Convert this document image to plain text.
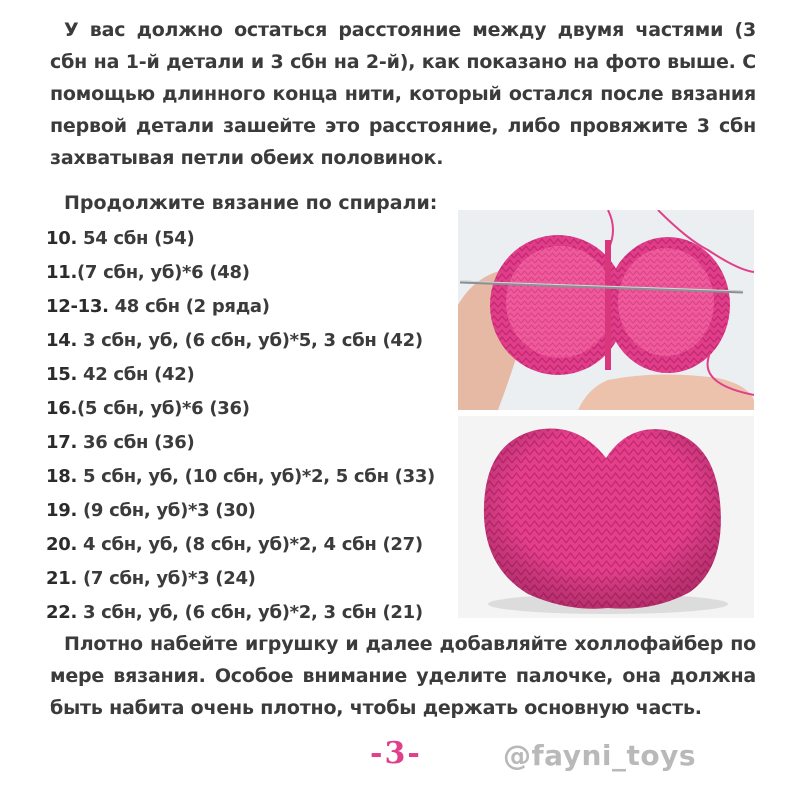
У вас должно остаться расстояние между двумя частями (3 сбн на 1-й детали и 3 сбн на 2-й), как показано на фото выше. С помощью длинного конца нити, который остался после вязания первой детали зашейте это расстояние, либо провяжите 3 сбн захватывая петли обеих половинок.

Продолжите вязание по спирали:

10. 54 сбн (54)
11.(7 сбн, уб)*6 (48)
12-13. 48 сбн (2 ряда)
14. 3 сбн, уб, (6 сбн, уб)*5, 3 сбн (42)
15. 42 сбн (42)
16.(5 сбн, уб)*6 (36)
17. 36 сбн (36)
18. 5 сбн, уб, (10 сбн, уб)*2, 5 сбн (33)
19. (9 сбн, уб)*3 (30)
20. 4 сбн, уб, (8 сбн, уб)*2, 4 сбн (27)
21. (7 сбн, уб)*3 (24)
22. 3 сбн, уб, (6 сбн, уб)*2, 3 сбн (21)

Плотно набейте игрушку и далее добавляйте холлофайбер по мере вязания. Особое внимание уделите палочке, она должна быть набита очень плотно, чтобы держать основную часть.

-3-	@fayni_toys
